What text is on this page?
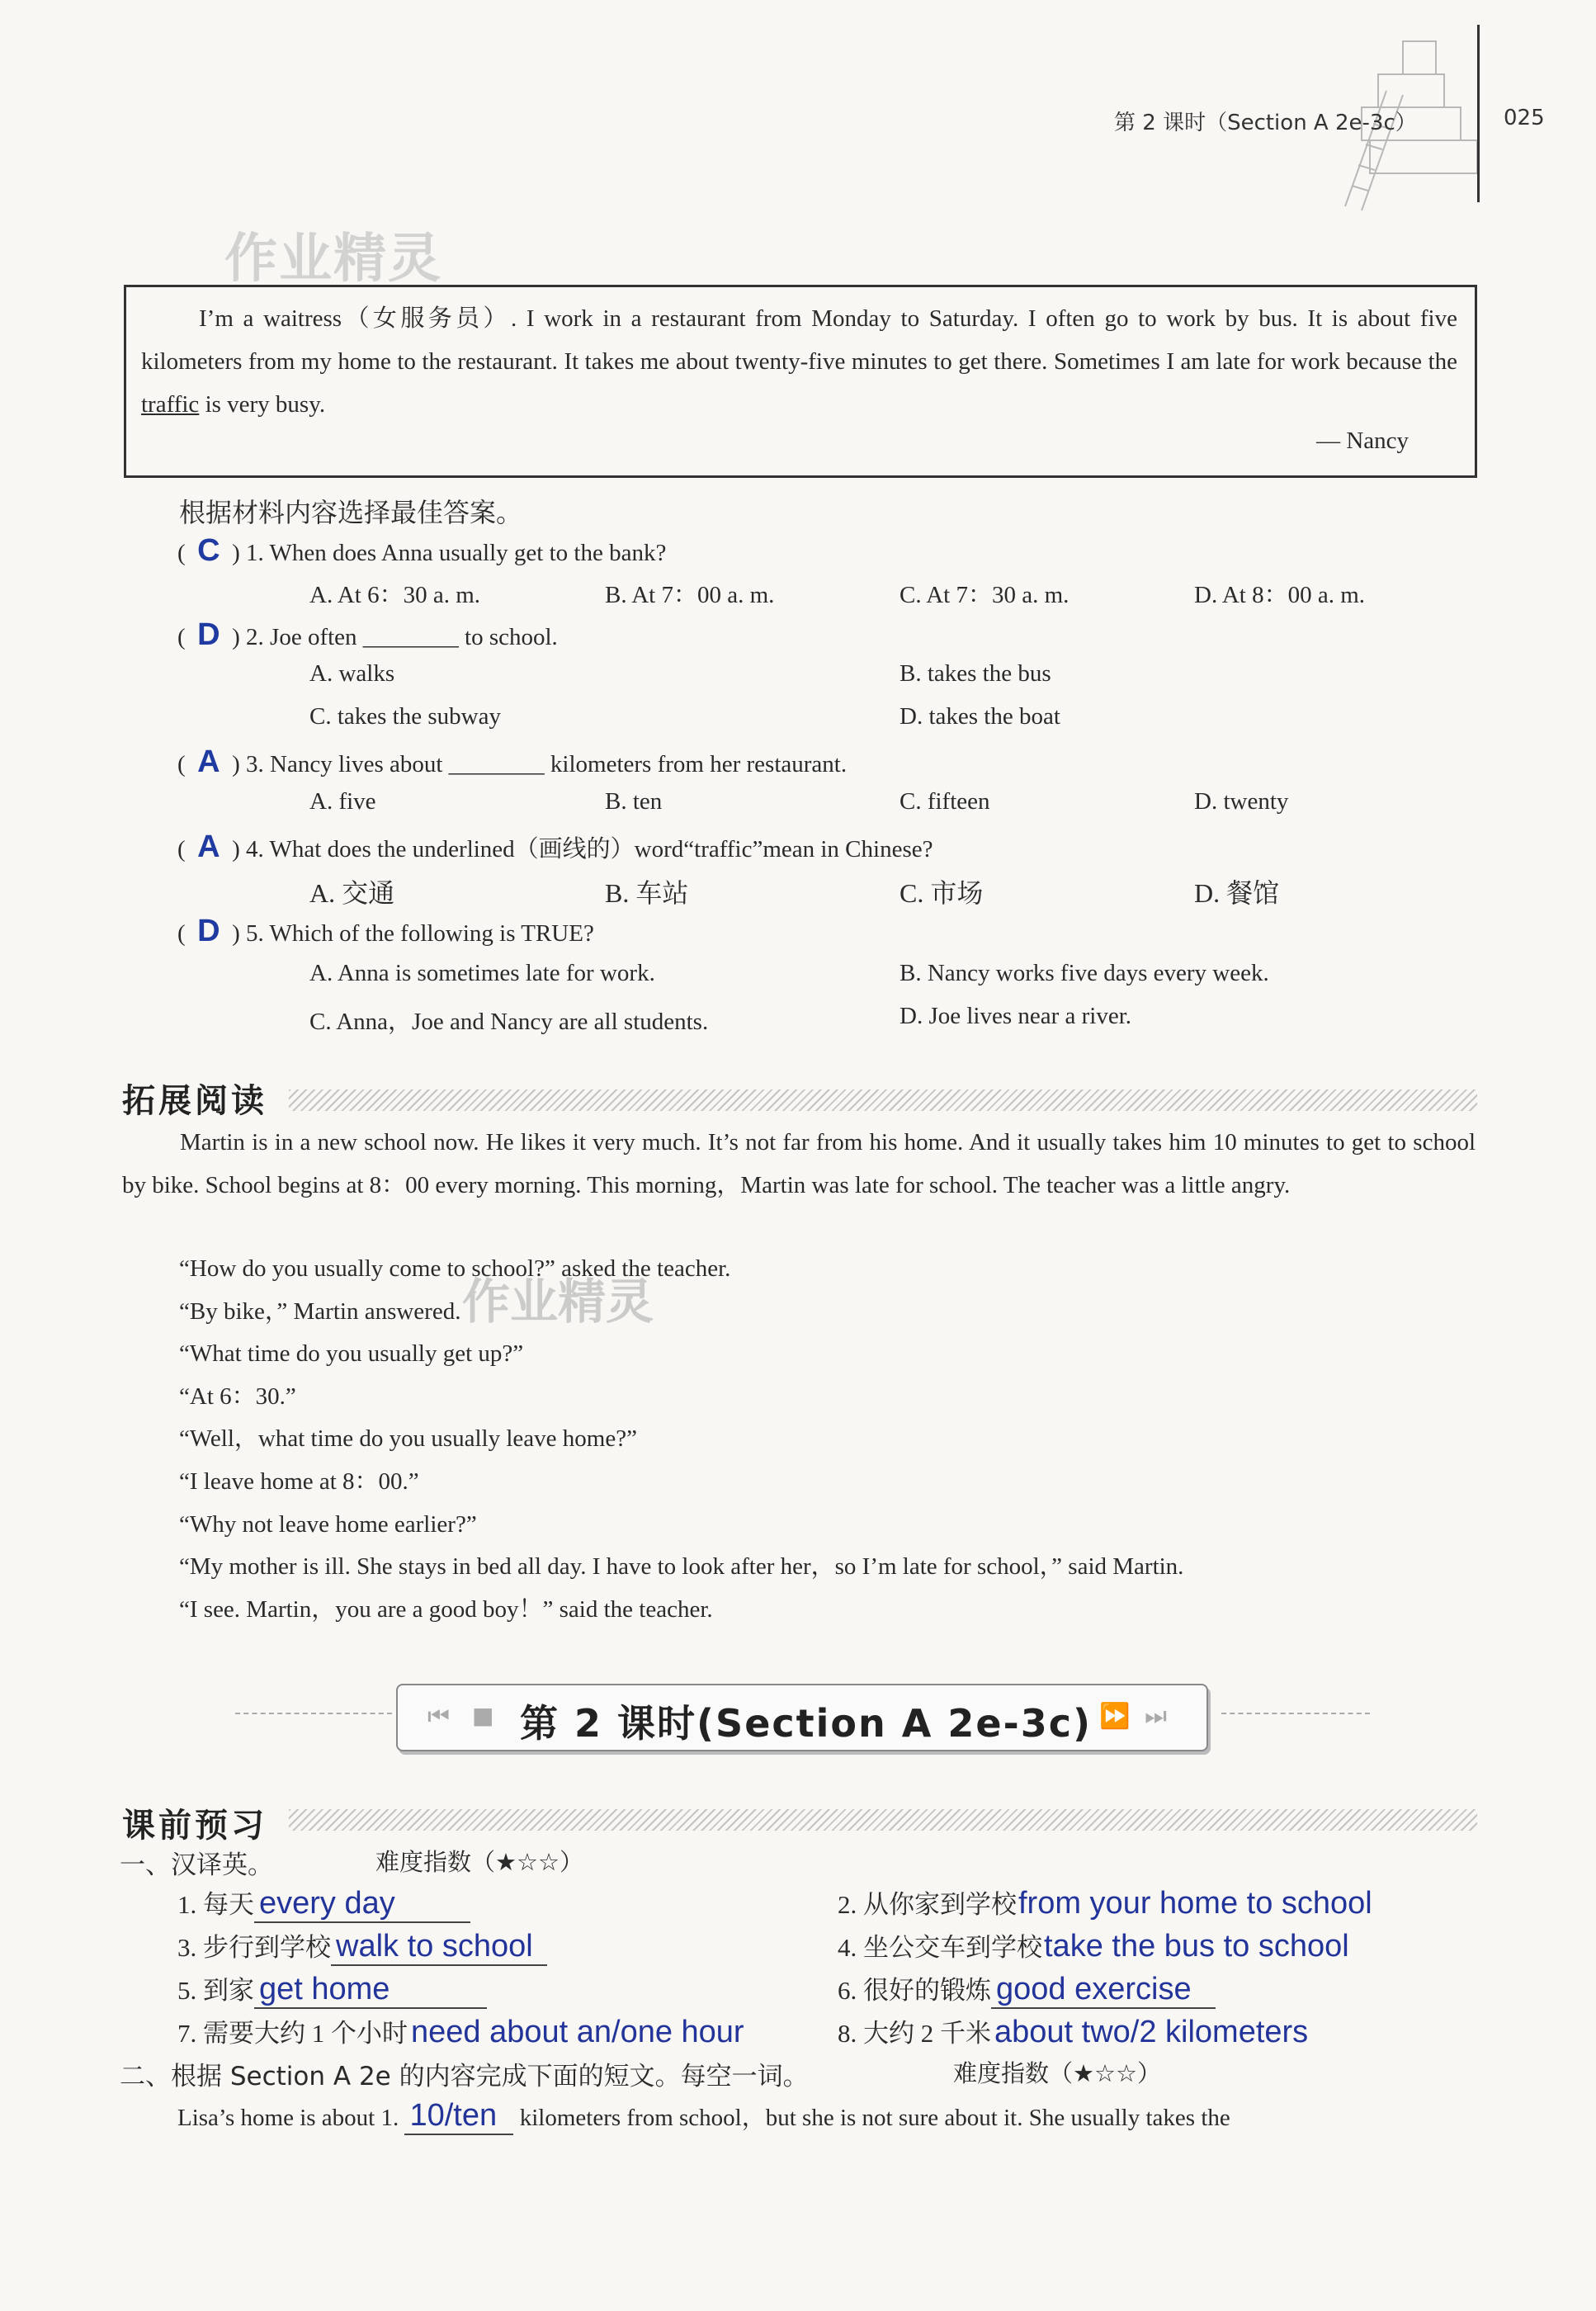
第 2 课时（Section A 2e-3c）	025
作业精灵
I’m a waitress（女服务员）. I work in a restaurant from Monday to Saturday. I often go to work by bus. It is about five kilometers from my home to the restaurant. It takes me about twenty-five minutes to get there. Sometimes I am late for work because the traffic is very busy.
— Nancy
根据材料内容选择最佳答案。
(  C  ) 1. When does Anna usually get to the bank?
A. At 6：30 a. m.	B. At 7：00 a. m.	C. At 7：30 a. m.	D. At 8：00 a. m.
(  D  ) 2. Joe often ________ to school.
A. walks	B. takes the bus
C. takes the subway	D. takes the boat
(  A  ) 3. Nancy lives about ________ kilometers from her restaurant.
A. five	B. ten	C. fifteen	D. twenty
(  A  ) 4. What does the underlined（画线的）word“traffic”mean in Chinese?
A. 交通	B. 车站	C. 市场	D. 餐馆
(  D  ) 5. Which of the following is TRUE?
A. Anna is sometimes late for work.	B. Nancy works five days every week.
C. Anna，Joe and Nancy are all students.	D. Joe lives near a river.
拓展阅读
Martin is in a new school now. He likes it very much. It’s not far from his home. And it usually takes him 10 minutes to get to school by bike. School begins at 8：00 every morning. This morning，Martin was late for school. The teacher was a little angry.
“How do you usually come to school?” asked the teacher.
“By bike，” Martin answered.
“What time do you usually get up?”
“At 6：30.”
“Well，what time do you usually leave home?”
“I leave home at 8：00.”
“Why not leave home earlier?”
“My mother is ill. She stays in bed all day. I have to look after her，so I’m late for school，” said Martin.
“I see. Martin，you are a good boy！” said the teacher.
作业精灵
⏮ ■ 第 2 课时(Section A 2e-3c) ⏩ ⏭
课前预习
一、汉译英。	难度指数（★☆☆）
1. 每天 every day	2. 从你家到学校from your home to school
3. 步行到学校 walk to school	4. 坐公交车到学校take the bus to school
5. 到家 get home	6. 很好的锻炼 good exercise
7. 需要大约 1 个小时 need about an/one hour	8. 大约 2 千米 about two/2 kilometers
二、根据 Section A 2e 的内容完成下面的短文。每空一词。	难度指数（★☆☆）
Lisa’s home is about 1. 10/ten kilometers from school，but she is not sure about it. She usually takes the
